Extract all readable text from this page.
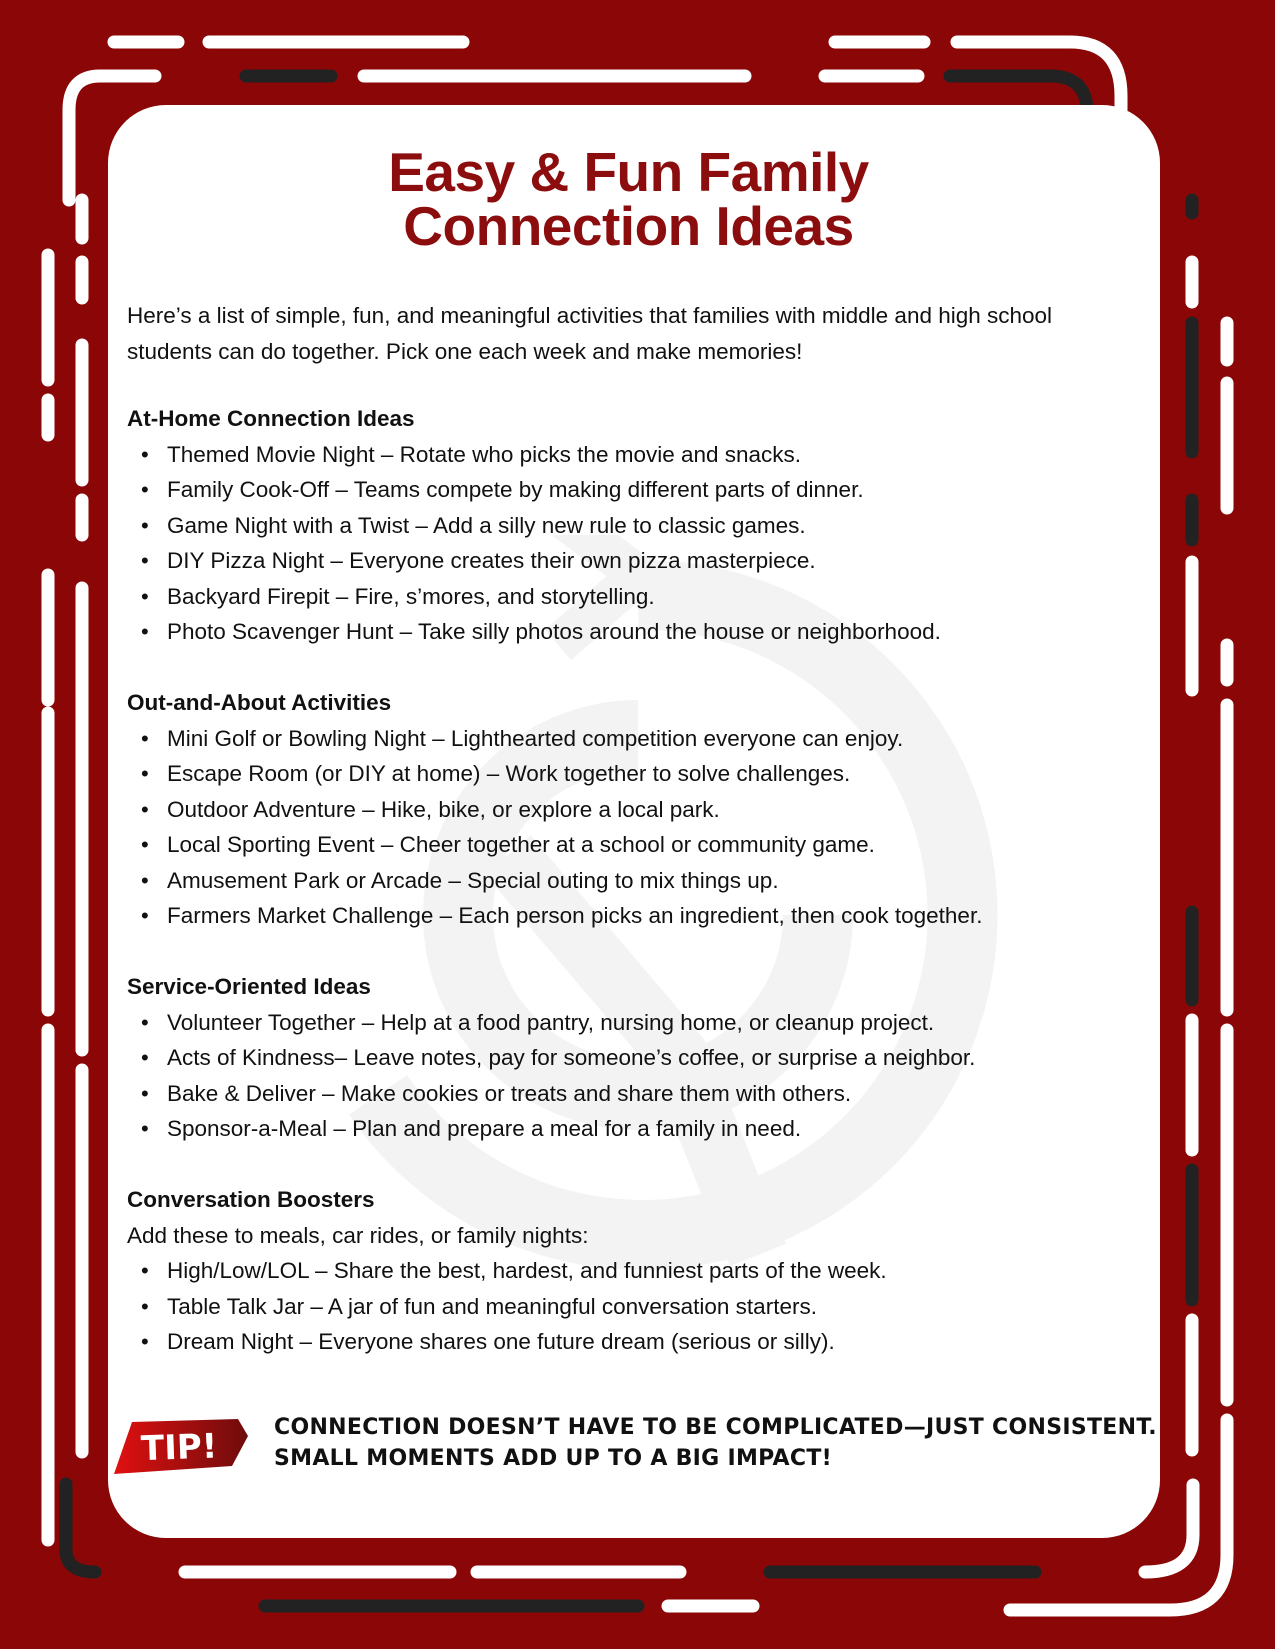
Easy & Fun Family
Connection Ideas

Here’s a list of simple, fun, and meaningful activities that families with middle and high school students can do together. Pick one each week and make memories!

At-Home Connection Ideas
• Themed Movie Night – Rotate who picks the movie and snacks.
• Family Cook-Off – Teams compete by making different parts of dinner.
• Game Night with a Twist – Add a silly new rule to classic games.
• DIY Pizza Night – Everyone creates their own pizza masterpiece.
• Backyard Firepit – Fire, s’mores, and storytelling.
• Photo Scavenger Hunt – Take silly photos around the house or neighborhood.
Out-and-About Activities
• Mini Golf or Bowling Night – Lighthearted competition everyone can enjoy.
• Escape Room (or DIY at home) – Work together to solve challenges.
• Outdoor Adventure – Hike, bike, or explore a local park.
• Local Sporting Event – Cheer together at a school or community game.
• Amusement Park or Arcade – Special outing to mix things up.
• Farmers Market Challenge – Each person picks an ingredient, then cook together.
Service-Oriented Ideas
• Volunteer Together – Help at a food pantry, nursing home, or cleanup project.
• Acts of Kindness– Leave notes, pay for someone’s coffee, or surprise a neighbor.
• Bake & Deliver – Make cookies or treats and share them with others.
• Sponsor-a-Meal – Plan and prepare a meal for a family in need.
Conversation Boosters

Add these to meals, car rides, or family nights:

• High/Low/LOL – Share the best, hardest, and funniest parts of the week.
• Table Talk Jar – A jar of fun and meaningful conversation starters.
• Dream Night – Everyone shares one future dream (serious or silly).
TIP!	CONNECTION DOESN’T HAVE TO BE COMPLICATED—JUST CONSISTENT.
SMALL MOMENTS ADD UP TO A BIG IMPACT!
